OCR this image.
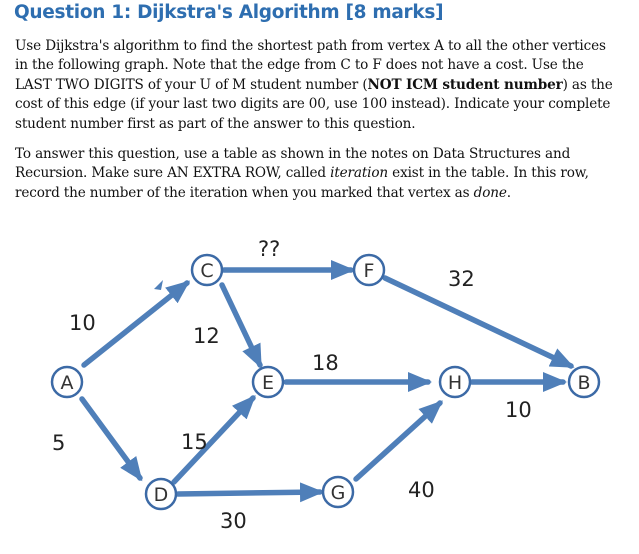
Question 1: Dijkstra's Algorithm [8 marks]

Use Dijkstra's algorithm to find the shortest path from vertex A to all the other vertices in the following graph. Note that the edge from C to F does not have a cost. Use the LAST TWO DIGITS of your U of M student number (NOT ICM student number) as the cost of this edge (if your last two digits are 00, use 100 instead). Indicate your complete student number first as part of the answer to this question.

To answer this question, use a table as shown in the notes on Data Structures and Recursion. Make sure AN EXTRA ROW, called iteration exist in the table. In this row, record the number of the iteration when you marked that vertex as done.

A
C
D
E
F
G
H	B
10
5
??
12
15
30
18
32
40
10
